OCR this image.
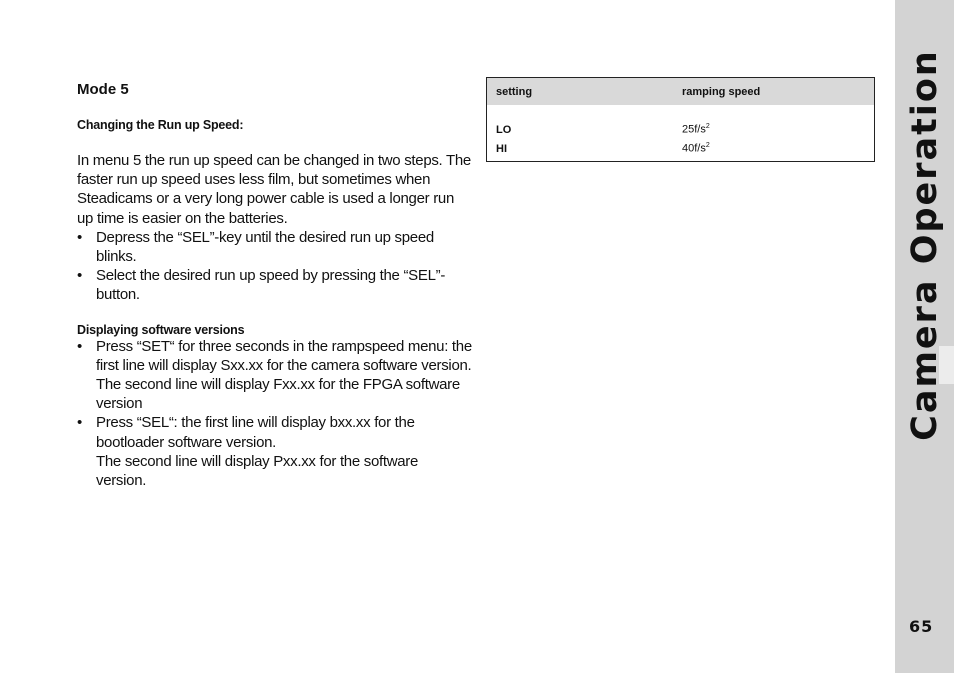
Mode 5
Changing the Run up Speed:

In menu 5 the run up speed can be changed in two steps. The faster run up speed uses less film, but sometimes when Steadicams or a very long power cable is used a longer run up time is easier on the batteries.

• Depress the “SEL”-key until the desired run up speed blinks.

• Select the desired run up speed by pressing the “SEL”-button.

Displaying software versions
• Press “SET“ for three seconds in the rampspeed menu: the first line will display Sxx.xx for the camera software version.

The second line will display Fxx.xx for the FPGA software version

• Press “SEL“: the first line will display bxx.xx for the bootloader software version.

The second line will display Pxx.xx for the software version.

setting	ramping speed
LO	$25f/s^2$
HI	$40f/s^2$	Camera Operation
65
